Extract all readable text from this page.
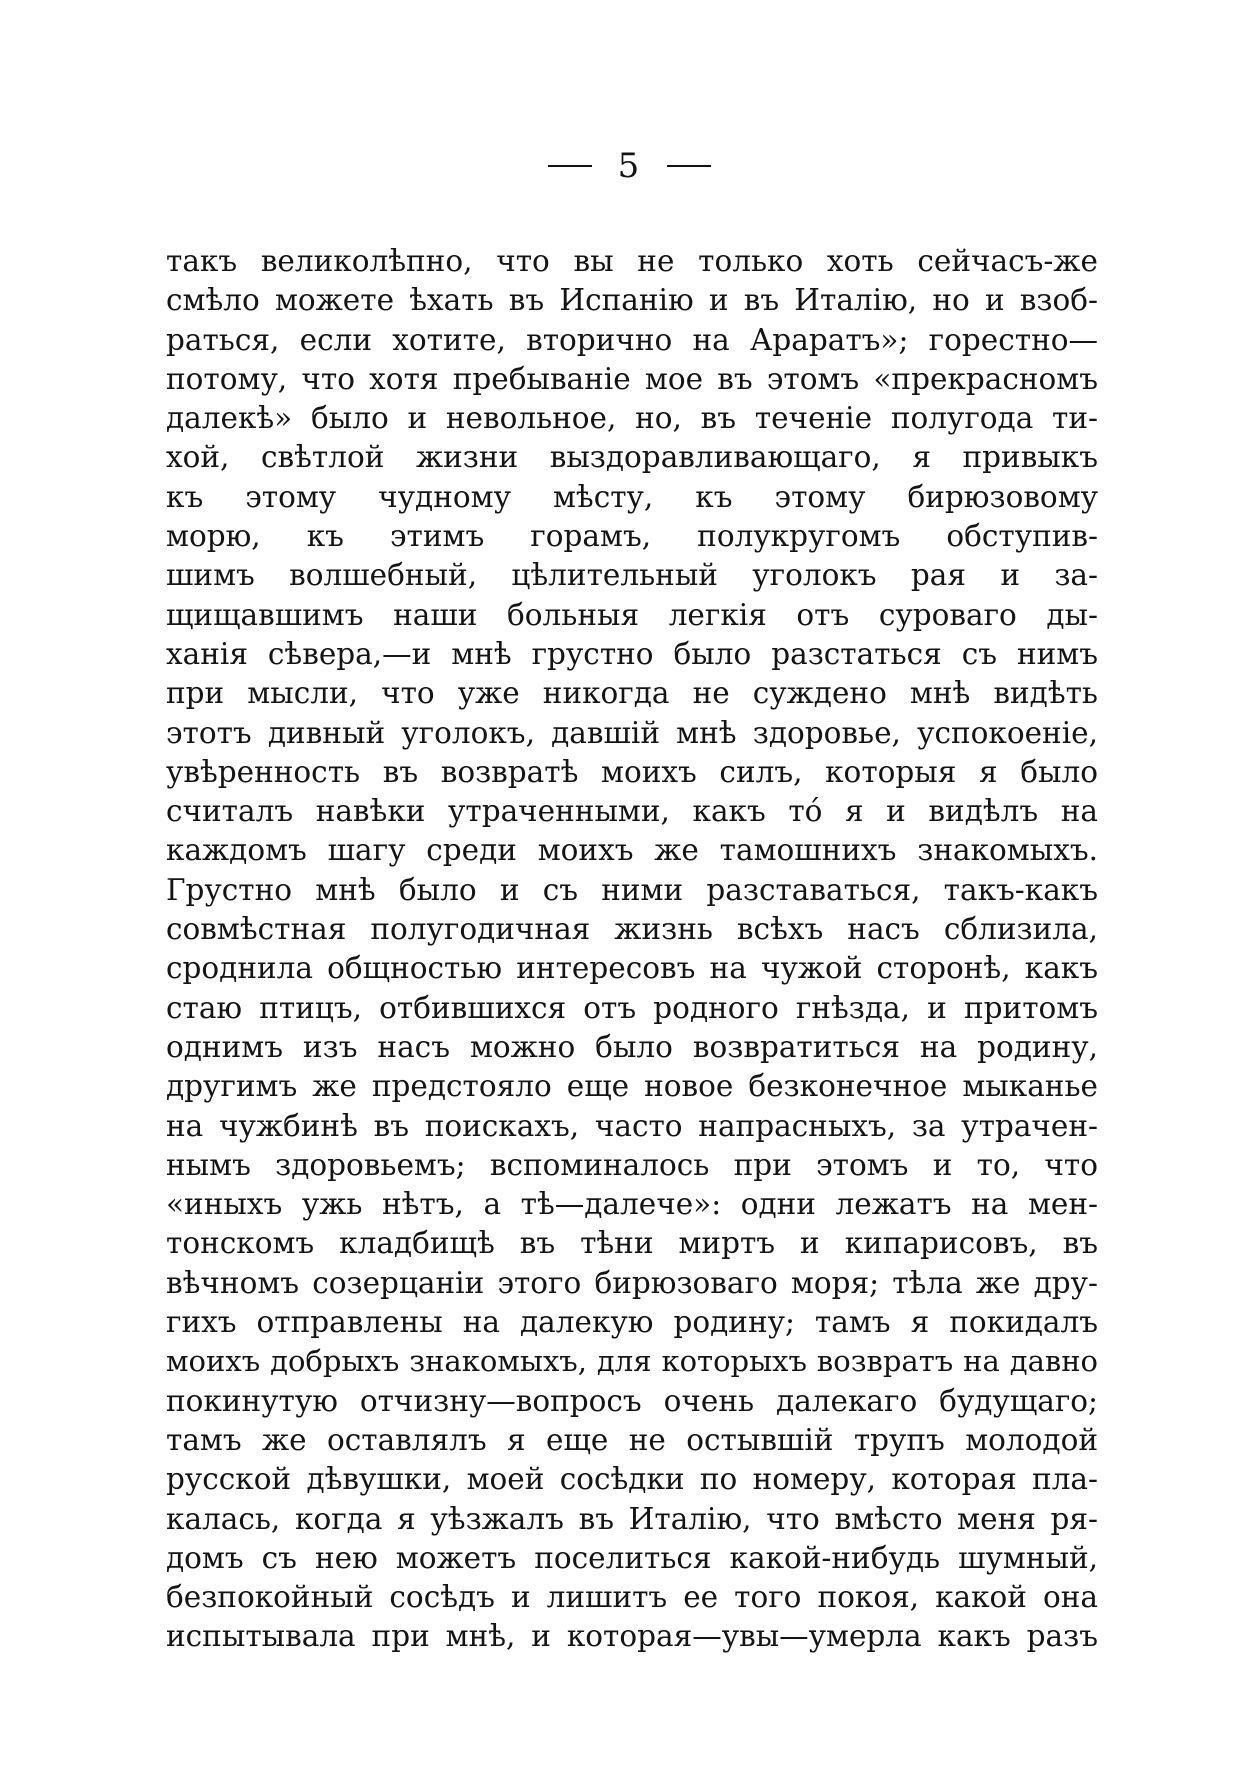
5
такъ великолѣпно, что вы не только хоть сейчасъ-же
смѣло можете ѣхать въ Испанію и въ Италію, но и взоб-
раться, если хотите, вторично на Араратъ»; горестно—
потому, что хотя пребываніе мое въ этомъ «прекрасномъ
далекѣ» было и невольное, но, въ теченіе полугода ти-
хой, свѣтлой жизни выздоравливающаго, я привыкъ
къ этому чудному мѣсту, къ этому бирюзовому
морю, къ этимъ горамъ, полукругомъ обступив-
шимъ волшебный, цѣлительный уголокъ рая и за-
щищавшимъ наши больныя легкія отъ суроваго ды-
ханія сѣвера,—и мнѣ грустно было разстаться съ нимъ
при мысли, что уже никогда не суждено мнѣ видѣть
этотъ дивный уголокъ, давшій мнѣ здоровье, успокоеніе,
увѣренность въ возвратѣ моихъ силъ, которыя я было
считалъ навѣки утраченными, какъ то́ я и видѣлъ на
каждомъ шагу среди моихъ же тамошнихъ знакомыхъ.
Грустно мнѣ было и съ ними разставаться, такъ-какъ
совмѣстная полугодичная жизнь всѣхъ насъ сблизила,
сроднила общностью интересовъ на чужой сторонѣ, какъ
стаю птицъ, отбившихся отъ родного гнѣзда, и притомъ
однимъ изъ насъ можно было возвратиться на родину,
другимъ же предстояло еще новое безконечное мыканье
на чужбинѣ въ поискахъ, часто напрасныхъ, за утрачен-
нымъ здоровьемъ; вспоминалось при этомъ и то, что
«иныхъ ужь нѣтъ, а тѣ—далече»: одни лежатъ на мен-
тонскомъ кладбищѣ въ тѣни миртъ и кипарисовъ, въ
вѣчномъ созерцаніи этого бирюзоваго моря; тѣла же дру-
гихъ отправлены на далекую родину; тамъ я покидалъ
моихъ добрыхъ знакомыхъ, для которыхъ возвратъ на давно
покинутую отчизну—вопросъ очень далекаго будущаго;
тамъ же оставлялъ я еще не остывшій трупъ молодой
русской дѣвушки, моей сосѣдки по номеру, которая пла-
калась, когда я уѣзжалъ въ Италію, что вмѣсто меня ря-
домъ съ нею можетъ поселиться какой-нибудь шумный,
безпокойный сосѣдъ и лишитъ ее того покоя, какой она
испытывала при мнѣ, и которая—увы—умерла какъ разъ
